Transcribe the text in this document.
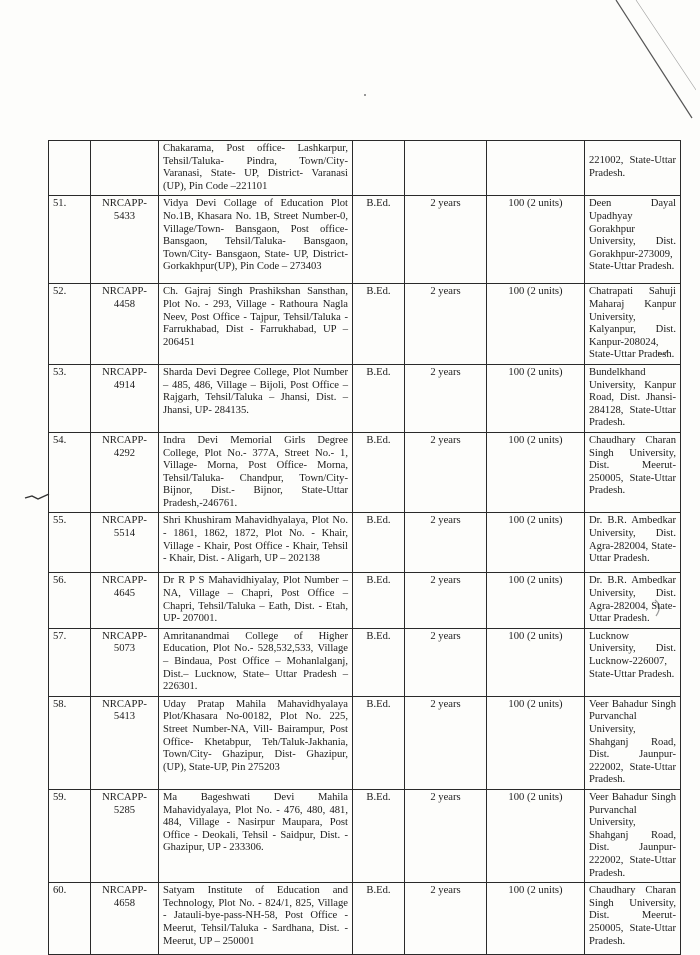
		Chakarama, Post office- Lashkarpur, Tehsil/Taluka- Pindra, Town/City- Varanasi, State- UP, District- Varanasi (UP), Pin Code –221101				221002, State-Uttar Pradesh.
51.	NRCAPP-5433	Vidya Devi Collage of Education Plot No.1B, Khasara No. 1B, Street Number-0, Village/Town- Bansgaon, Post office- Bansgaon, Tehsil/Taluka- Bansgaon, Town/City- Bansgaon, State- UP, District- Gorkakhpur(UP), Pin Code – 273403	B.Ed.	2 years	100 (2 units)	Deen Dayal Upadhyay Gorakhpur University, Dist. Gorakhpur-273009, State-Uttar Pradesh.
52.	NRCAPP-4458	Ch. Gajraj Singh Prashikshan Sansthan, Plot No. - 293, Village - Rathoura Nagla Neev, Post Office - Tajpur, Tehsil/Taluka - Farrukhabad, Dist - Farrukhabad, UP – 206451	B.Ed.	2 years	100 (2 units)	Chatrapati Sahuji Maharaj Kanpur University, Kalyanpur, Dist. Kanpur-208024, State-Uttar Pradesh.
53.	NRCAPP-4914	Sharda Devi Degree College, Plot Number – 485, 486, Village – Bijoli, Post Office – Rajgarh, Tehsil/Taluka – Jhansi, Dist. – Jhansi, UP- 284135.	B.Ed.	2 years	100 (2 units)	Bundelkhand University, Kanpur Road, Dist. Jhansi-284128, State-Uttar Pradesh.
54.	NRCAPP-4292	Indra Devi Memorial Girls Degree College, Plot No.- 377A, Street No.- 1, Village- Morna, Post Office- Morna, Tehsil/Taluka- Chandpur, Town/City- Bijnor, Dist.- Bijnor, State-Uttar Pradesh,-246761.	B.Ed.	2 years	100 (2 units)	Chaudhary Charan Singh University, Dist. Meerut-250005, State-Uttar Pradesh.
55.	NRCAPP-5514	Shri Khushiram Mahavidhyalaya, Plot No. - 1861, 1862, 1872, Plot No. - Khair, Village - Khair, Post Office - Khair, Tehsil - Khair, Dist. - Aligarh, UP – 202138	B.Ed.	2 years	100 (2 units)	Dr. B.R. Ambedkar University, Dist. Agra-282004, State-Uttar Pradesh.
56.	NRCAPP-4645	Dr R P S Mahavidhiyalay, Plot Number – NA, Village – Chapri, Post Office – Chapri, Tehsil/Taluka – Eath, Dist. - Etah, UP- 207001.	B.Ed.	2 years	100 (2 units)	Dr. B.R. Ambedkar University, Dist. Agra-282004, State-Uttar Pradesh.
57.	NRCAPP-5073	Amritanandmai College of Higher Education, Plot No.- 528,532,533, Village – Bindaua, Post Office – Mohanlalganj, Dist.– Lucknow, State– Uttar Pradesh – 226301.	B.Ed.	2 years	100 (2 units)	Lucknow University, Dist. Lucknow-226007, State-Uttar Pradesh.
58.	NRCAPP-5413	Uday Pratap Mahila Mahavidhyalaya Plot/Khasara No-00182, Plot No. 225, Street Number-NA, Vill- Bairampur, Post Office- Khetabpur, Teh/Taluk-Jakhania, Town/City- Ghazipur, Dist- Ghazipur, (UP), State-UP, Pin 275203	B.Ed.	2 years	100 (2 units)	Veer Bahadur Singh Purvanchal University, Shahganj Road, Dist. Jaunpur-222002, State-Uttar Pradesh.
59.	NRCAPP-5285	Ma Bageshwati Devi Mahila Mahavidyalaya, Plot No. - 476, 480, 481, 484, Village - Nasirpur Maupara, Post Office - Deokali, Tehsil - Saidpur, Dist. - Ghazipur, UP - 233306.	B.Ed.	2 years	100 (2 units)	Veer Bahadur Singh Purvanchal University, Shahganj Road, Dist. Jaunpur-222002, State-Uttar Pradesh.
60.	NRCAPP-4658	Satyam Institute of Education and Technology, Plot No. - 824/1, 825, Village - Jatauli-bye-pass-NH-58, Post Office - Meerut, Tehsil/Taluka - Sardhana, Dist. - Meerut, UP – 250001	B.Ed.	2 years	100 (2 units)	Chaudhary Charan Singh University, Dist. Meerut-250005, State-Uttar Pradesh.
